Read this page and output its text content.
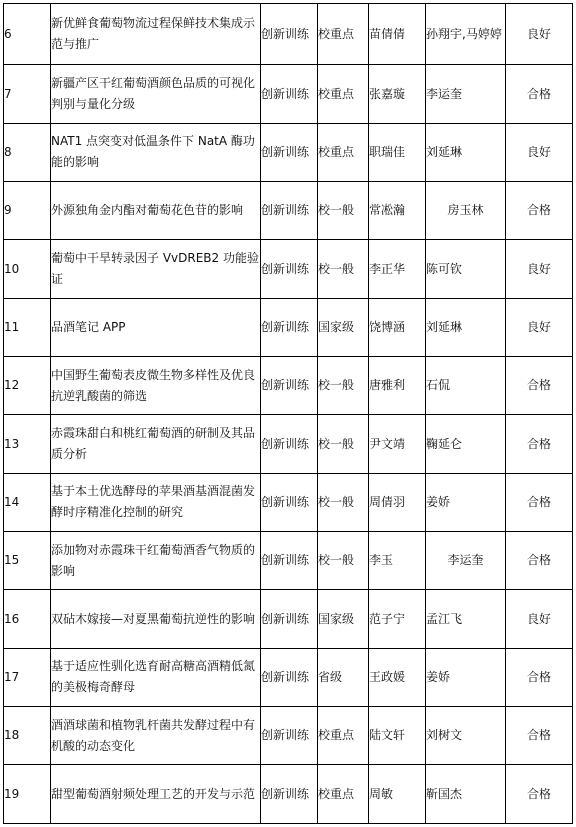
6	新优鲜食葡萄物流过程保鲜技术集成示范与推广	创新训练	校重点	苗倩倩	孙翔宇,马婷婷	良好

7	新疆产区干红葡萄酒颜色品质的可视化判别与量化分级	创新训练	校重点	张嘉璇	李运奎	合格

8	NAT1 点突变对低温条件下 NatA 酶功能的影响	创新训练	校重点	职瑞佳	刘延琳	良好

9	外源独角金内酯对葡萄花色苷的影响	创新训练	校一般	常凇瀚	房玉林	合格

10	葡萄中干旱转录因子 VvDREB2 功能验证	创新训练	校一般	李正华	陈可钦	良好

11	品酒笔记 APP	创新训练	国家级	饶博涵	刘延琳	良好

12	中国野生葡萄表皮微生物多样性及优良抗逆乳酸菌的筛选	创新训练	校一般	唐雅利	石侃	合格

13	赤霞珠甜白和桃红葡萄酒的研制及其品质分析	创新训练	校一般	尹文靖	鞠延仑	合格

14	基于本土优选酵母的苹果酒基酒混菌发酵时序精准化控制的研究	创新训练	校一般	周倩羽	姜娇	合格

15	添加物对赤霞珠干红葡萄酒香气物质的影响	创新训练	校一般	李玉	李运奎	合格

16	双砧木嫁接—对夏黑葡萄抗逆性的影响	创新训练	国家级	范子宁	孟江飞	良好

17	基于适应性驯化选育耐高糖高酒精低氮的美极梅奇酵母	创新训练	省级	王政媛	姜娇	合格

18	酒酒球菌和植物乳杆菌共发酵过程中有机酸的动态变化	创新训练	校重点	陆文轩	刘树文	合格

19	甜型葡萄酒射频处理工艺的开发与示范	创新训练	校重点	周敏	靳国杰	合格
